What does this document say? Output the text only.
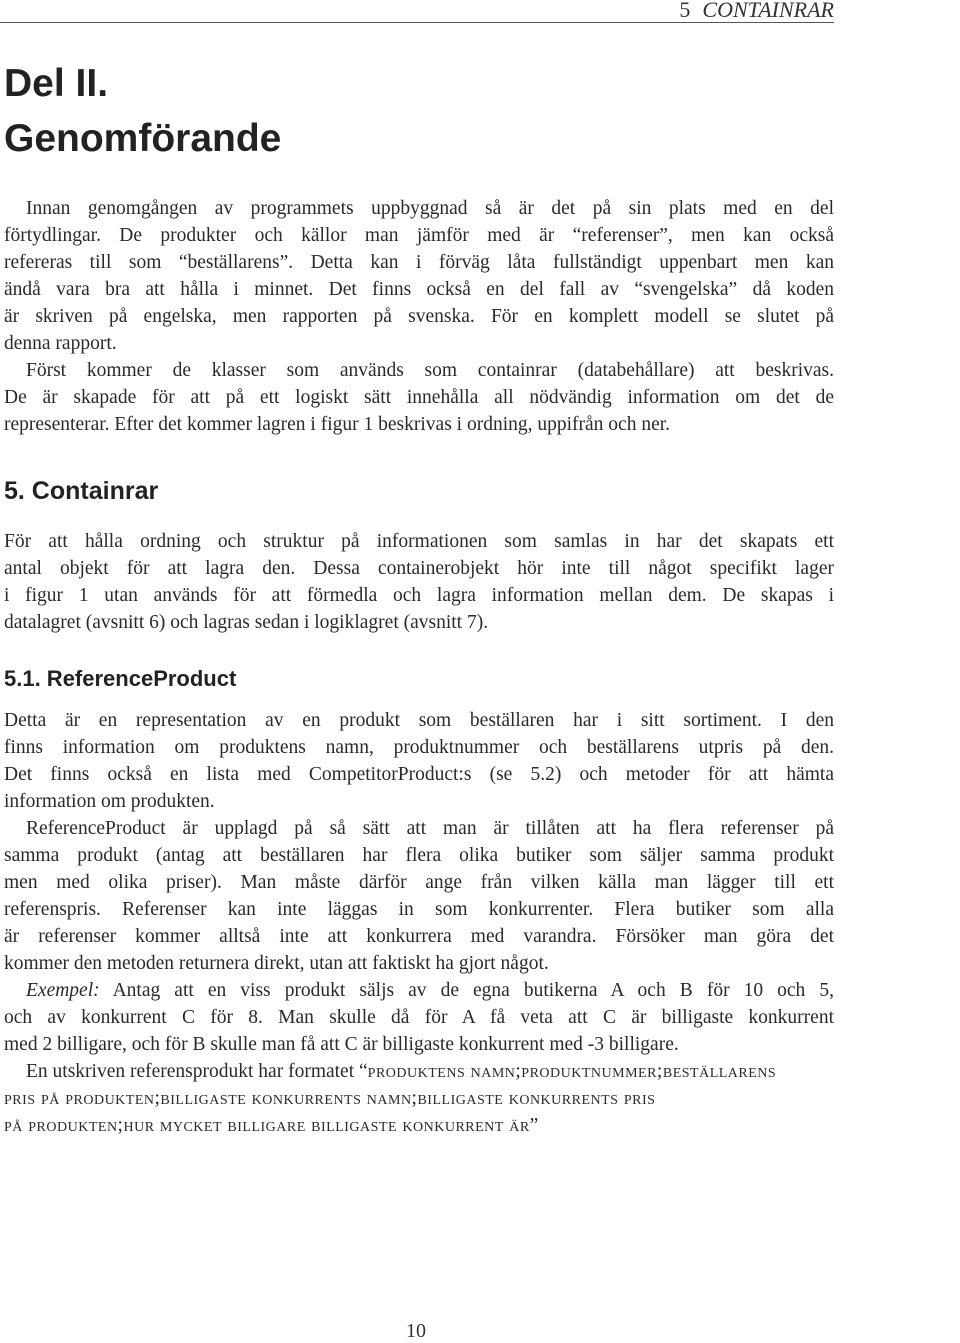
5 CONTAINRAR
Del II.
Genomförande
Innan genomgången av programmets uppbyggnad så är det på sin plats med en del
förtydlingar. De produkter och källor man jämför med är “referenser”, men kan också
refereras till som “beställarens”. Detta kan i förväg låta fullständigt uppenbart men kan
ändå vara bra att hålla i minnet. Det finns också en del fall av “svengelska” då koden
är skriven på engelska, men rapporten på svenska. För en komplett modell se slutet på
denna rapport.
Först kommer de klasser som används som containrar (databehållare) att beskrivas.
De är skapade för att på ett logiskt sätt innehålla all nödvändig information om det de
representerar. Efter det kommer lagren i figur 1 beskrivas i ordning, uppifrån och ner.
5. Containrar
För att hålla ordning och struktur på informationen som samlas in har det skapats ett
antal objekt för att lagra den. Dessa containerobjekt hör inte till något specifikt lager
i figur 1 utan används för att förmedla och lagra information mellan dem. De skapas i
datalagret (avsnitt 6) och lagras sedan i logiklagret (avsnitt 7).
5.1. ReferenceProduct
Detta är en representation av en produkt som beställaren har i sitt sortiment. I den
finns information om produktens namn, produktnummer och beställarens utpris på den.
Det finns också en lista med CompetitorProduct:s (se 5.2) och metoder för att hämta
information om produkten.
ReferenceProduct är upplagd på så sätt att man är tillåten att ha flera referenser på
samma produkt (antag att beställaren har flera olika butiker som säljer samma produkt
men med olika priser). Man måste därför ange från vilken källa man lägger till ett
referenspris. Referenser kan inte läggas in som konkurrenter. Flera butiker som alla
är referenser kommer alltså inte att konkurrera med varandra. Försöker man göra det
kommer den metoden returnera direkt, utan att faktiskt ha gjort något.
Exempel: Antag att en viss produkt säljs av de egna butikerna A och B för 10 och 5,
och av konkurrent C för 8. Man skulle då för A få veta att C är billigaste konkurrent
med 2 billigare, och för B skulle man få att C är billigaste konkurrent med -3 billigare.
En utskriven referensprodukt har formatet “produktens namn;produktnummer;beställarens
pris på produkten;billigaste konkurrents namn;billigaste konkurrents pris
på produkten;hur mycket billigare billigaste konkurrent är”
10
